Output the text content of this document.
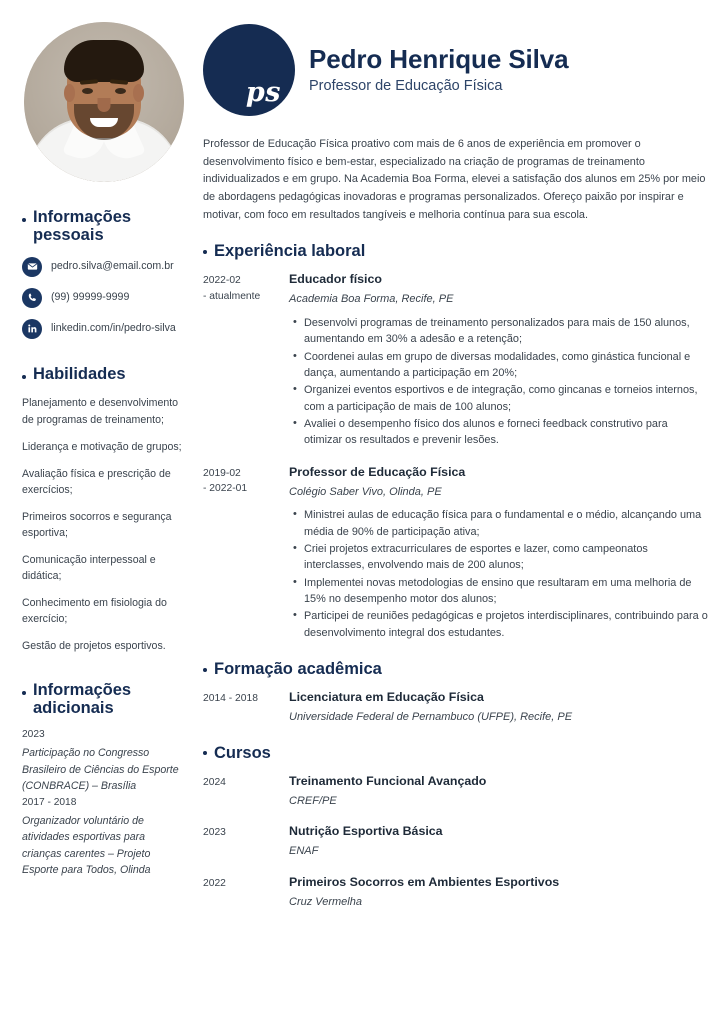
Informações pessoais
pedro.silva@email.com.br
(99) 99999-9999
linkedin.com/in/pedro-silva
Habilidades
Planejamento e desenvolvimento de programas de treinamento;
Liderança e motivação de grupos;
Avaliação física e prescrição de exercícios;
Primeiros socorros e segurança esportiva;
Comunicação interpessoal e didática;
Conhecimento em fisiologia do exercício;
Gestão de projetos esportivos.
Informações adicionais
2023
Participação no Congresso Brasileiro de Ciências do Esporte (CONBRACE) – Brasília
2017 - 2018
Organizador voluntário de atividades esportivas para crianças carentes – Projeto Esporte para Todos, Olinda
ps
Pedro Henrique Silva
Professor de Educação Física

Professor de Educação Física proativo com mais de 6 anos de experiência em promover o desenvolvimento físico e bem-estar, especializado na criação de programas de treinamento individualizados e em grupo. Na Academia Boa Forma, elevei a satisfação dos alunos em 25% por meio de abordagens pedagógicas inovadoras e programas personalizados. Ofereço paixão por inspirar e motivar, com foco em resultados tangíveis e melhoria contínua para sua escola.

Experiência laboral
2022-02
- atualmente
Educador físico
Academia Boa Forma, Recife, PE
• Desenvolvi programas de treinamento personalizados para mais de 150 alunos, aumentando em 30% a adesão e a retenção;
• Coordenei aulas em grupo de diversas modalidades, como ginástica funcional e dança, aumentando a participação em 20%;
• Organizei eventos esportivos e de integração, como gincanas e torneios internos, com a participação de mais de 100 alunos;
• Avaliei o desempenho físico dos alunos e forneci feedback construtivo para otimizar os resultados e prevenir lesões.
2019-02
- 2022-01
Professor de Educação Física
Colégio Saber Vivo, Olinda, PE
• Ministrei aulas de educação física para o fundamental e o médio, alcançando uma média de 90% de participação ativa;
• Criei projetos extracurriculares de esportes e lazer, como campeonatos interclasses, envolvendo mais de 200 alunos;
• Implementei novas metodologias de ensino que resultaram em uma melhoria de 15% no desempenho motor dos alunos;
• Participei de reuniões pedagógicas e projetos interdisciplinares, contribuindo para o desenvolvimento integral dos estudantes.
Formação acadêmica
2014 - 2018	Licenciatura em Educação Física
Universidade Federal de Pernambuco (UFPE), Recife, PE
Cursos
2024	Treinamento Funcional Avançado
CREF/PE
2023	Nutrição Esportiva Básica
ENAF
2022	Primeiros Socorros em Ambientes Esportivos
Cruz Vermelha
